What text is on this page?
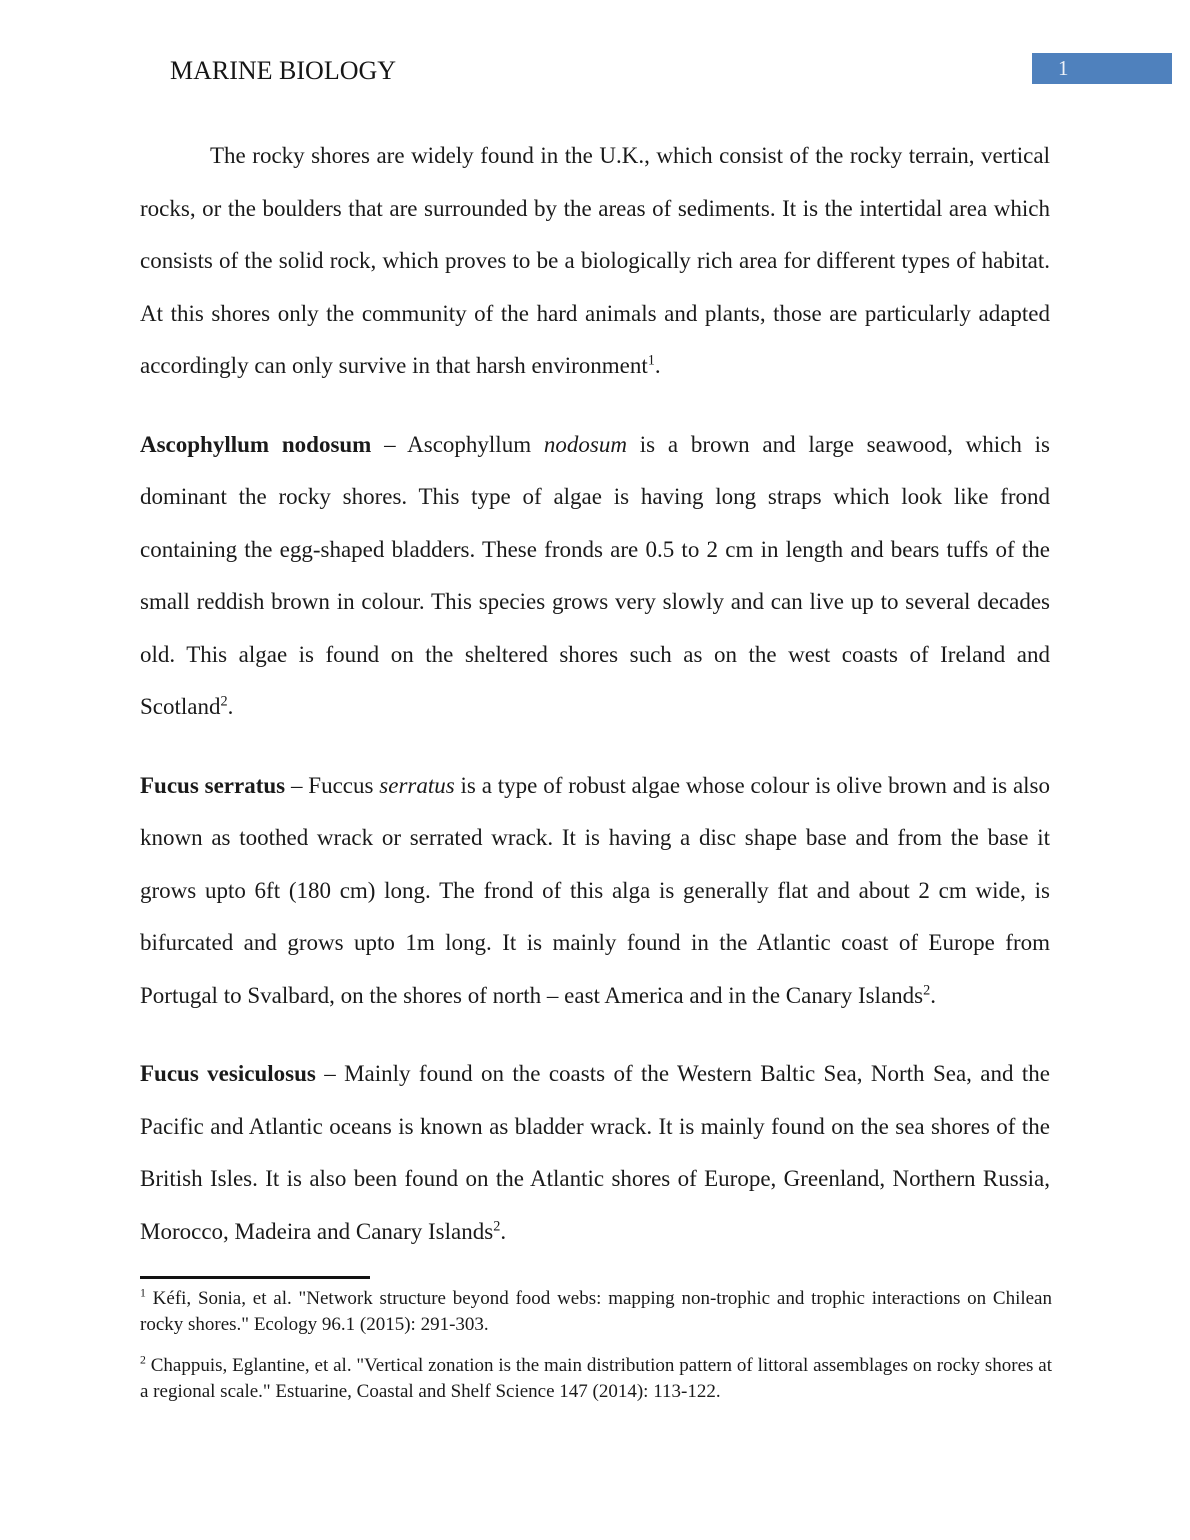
MARINE BIOLOGY	1

The rocky shores are widely found in the U.K., which consist of the rocky terrain, vertical rocks, or the boulders that are surrounded by the areas of sediments. It is the intertidal area which consists of the solid rock, which proves to be a biologically rich area for different types of habitat. At this shores only the community of the hard animals and plants, those are particularly adapted accordingly can only survive in that harsh environment$^1$.

Ascophyllum nodosum – Ascophyllum nodosum is a brown and large seawood, which is dominant the rocky shores. This type of algae is having long straps which look like frond containing the egg-shaped bladders. These fronds are 0.5 to 2 cm in length and bears tuffs of the small reddish brown in colour. This species grows very slowly and can live up to several decades old. This algae is found on the sheltered shores such as on the west coasts of Ireland and Scotland$^2$.

Fucus serratus – Fuccus serratus is a type of robust algae whose colour is olive brown and is also known as toothed wrack or serrated wrack. It is having a disc shape base and from the base it grows upto 6ft (180 cm) long. The frond of this alga is generally flat and about 2 cm wide, is bifurcated and grows upto 1m long. It is mainly found in the Atlantic coast of Europe from Portugal to Svalbard, on the shores of north – east America and in the Canary Islands$^2$.

Fucus vesiculosus – Mainly found on the coasts of the Western Baltic Sea, North Sea, and the Pacific and Atlantic oceans is known as bladder wrack. It is mainly found on the sea shores of the British Isles. It is also been found on the Atlantic shores of Europe, Greenland, Northern Russia, Morocco, Madeira and Canary Islands$^2$.

$^1$ Kéfi, Sonia, et al. "Network structure beyond food webs: mapping non-trophic and trophic interactions on Chilean rocky shores." Ecology 96.1 (2015): 291-303.
$^2$ Chappuis, Eglantine, et al. "Vertical zonation is the main distribution pattern of littoral assemblages on rocky shores at a regional scale." Estuarine, Coastal and Shelf Science 147 (2014): 113-122.
